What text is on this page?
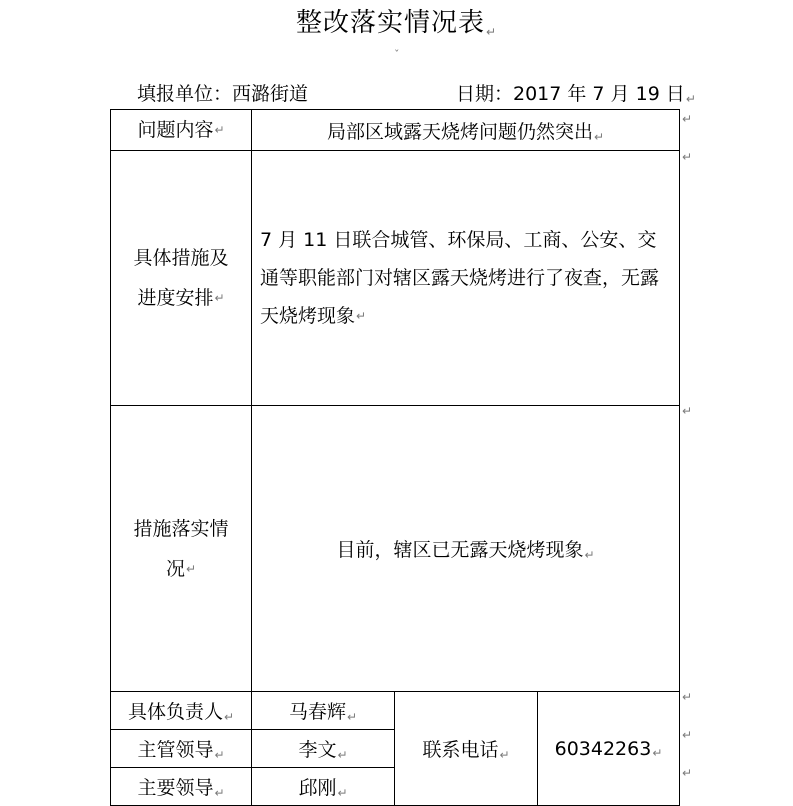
整改落实情况表↵
ˇ
填报单位：西潞街道	日期：2017 年 7 月 19 日↵
问题内容↵	局部区域露天烧烤问题仍然突出↵		

具体措施及
进度安排↵	7 月 11 日联合城管、环保局、工商、公安、交通等职能部门对辖区露天烧烤进行了夜查，无露天烧烤现象↵		

措施落实情
况↵	目前，辖区已无露天烧烤现象↵		
具体负责人↵	马春辉↵	联系电话↵	60342263↵
主管领导↵	李文↵		
主要领导↵	邱刚↵		
↵
↵
↵
↵
↵
↵
